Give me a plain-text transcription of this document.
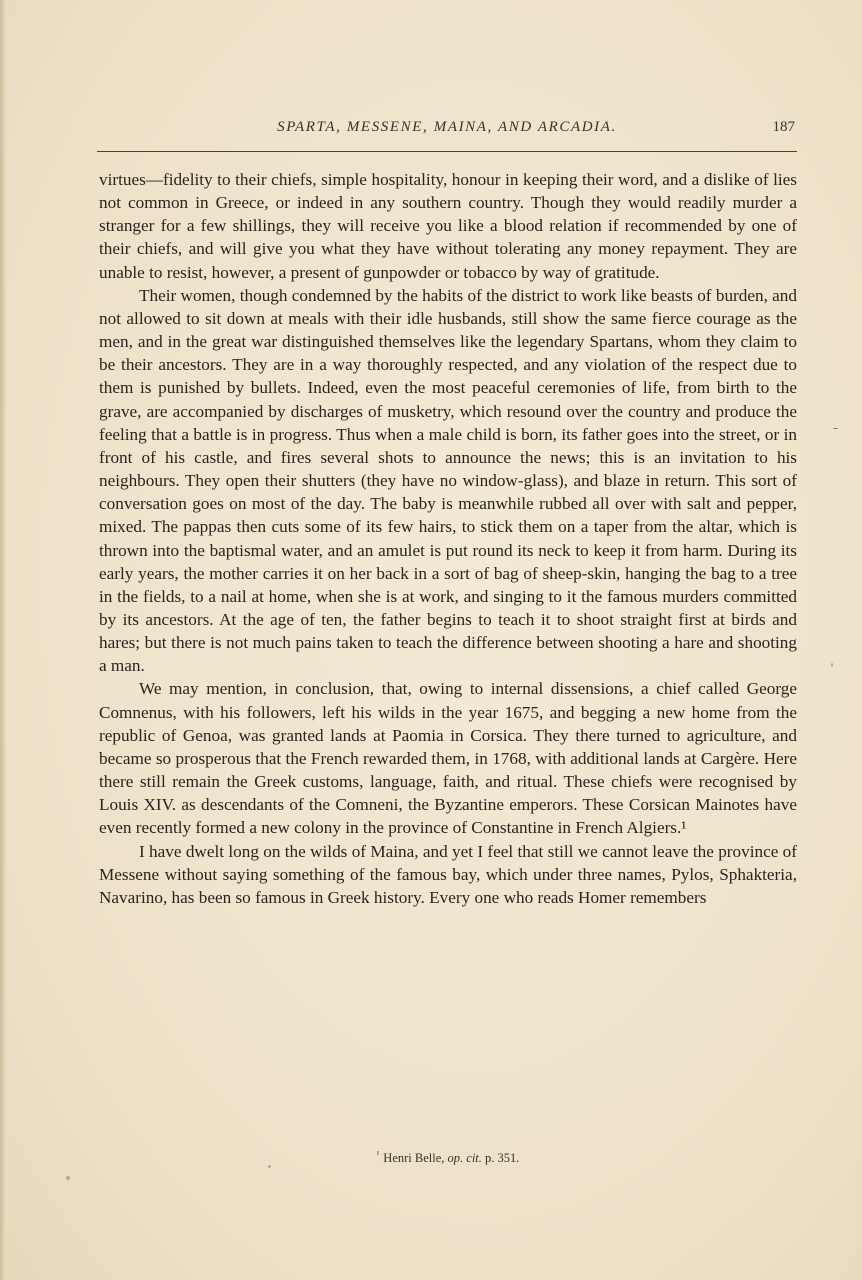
SPARTA, MESSENE, MAINA, AND ARCADIA.	187

virtues—fidelity to their chiefs, simple hospitality, honour in keeping their word, and a dislike of lies not common in Greece, or indeed in any southern country. Though they would readily murder a stranger for a few shillings, they will receive you like a blood relation if recommended by one of their chiefs, and will give you what they have without tolerating any money repayment. They are unable to resist, however, a present of gunpowder or tobacco by way of gratitude.

Their women, though condemned by the habits of the district to work like beasts of burden, and not allowed to sit down at meals with their idle husbands, still show the same fierce courage as the men, and in the great war distinguished themselves like the legendary Spartans, whom they claim to be their ancestors. They are in a way thoroughly respected, and any violation of the respect due to them is punished by bullets. Indeed, even the most peaceful ceremonies of life, from birth to the grave, are accompanied by discharges of musketry, which resound over the country and produce the feeling that a battle is in progress. Thus when a male child is born, its father goes into the street, or in front of his castle, and fires several shots to announce the news; this is an invitation to his neighbours. They open their shutters (they have no window-glass), and blaze in return. This sort of conversation goes on most of the day. The baby is meanwhile rubbed all over with salt and pepper, mixed. The pappas then cuts some of its few hairs, to stick them on a taper from the altar, which is thrown into the baptismal water, and an amulet is put round its neck to keep it from harm. During its early years, the mother carries it on her back in a sort of bag of sheep-skin, hanging the bag to a tree in the fields, to a nail at home, when she is at work, and singing to it the famous murders committed by its ancestors. At the age of ten, the father begins to teach it to shoot straight first at birds and hares; but there is not much pains taken to teach the difference between shooting a hare and shooting a man.

We may mention, in conclusion, that, owing to internal dissensions, a chief called George Comnenus, with his followers, left his wilds in the year 1675, and begging a new home from the republic of Genoa, was granted lands at Paomia in Corsica. They there turned to agriculture, and became so prosperous that the French rewarded them, in 1768, with additional lands at Cargère. Here there still remain the Greek customs, language, faith, and ritual. These chiefs were recognised by Louis XIV. as descendants of the Comneni, the Byzantine emperors. These Corsican Mainotes have even recently formed a new colony in the province of Constantine in French Algiers.¹

I have dwelt long on the wilds of Maina, and yet I feel that still we cannot leave the province of Messene without saying something of the famous bay, which under three names, Pylos, Sphakteria, Navarino, has been so famous in Greek history. Every one who reads Homer remembers

$^{^1}$ Henri Belle, op. cit. p. 351.
